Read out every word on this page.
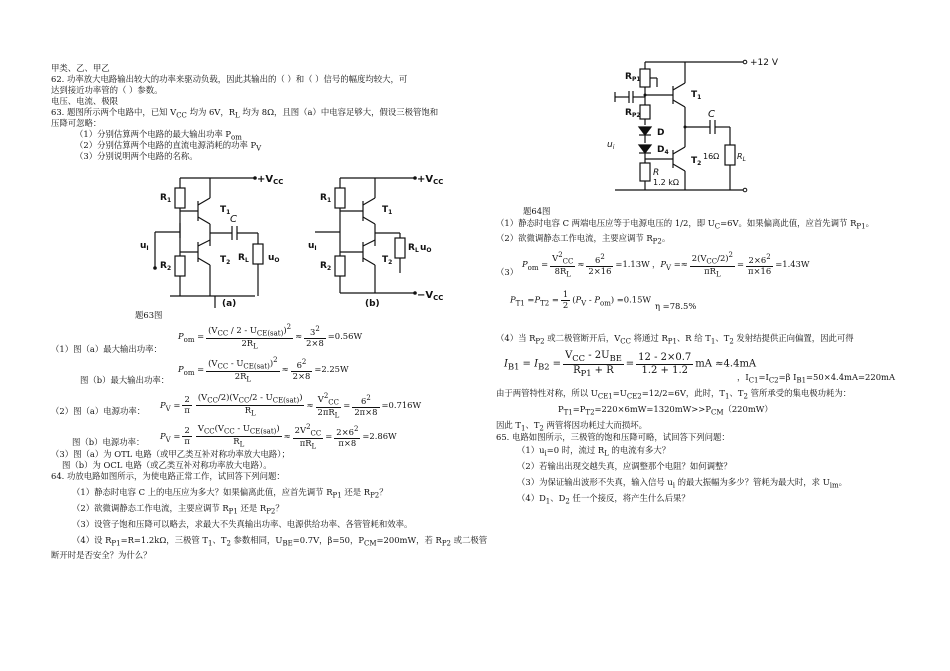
甲类、乙、甲乙
62. 功率放大电路输出较大的功率来驱动负载，因此其输出的（ ）和（ ）信号的幅度均较大，可
达到接近功率管的（ ）参数。
电压、电流、极限
63. 题图所示两个电路中，已知 $V_{CC}$ 均为 6V，$R_L$ 均为 8Ω，且图（a）中电容足够大，假设三极管饱和
压降可忽略：
（1）分别估算两个电路的最大输出功率 $P_{om}$
（2）分别估算两个电路的直流电源消耗的功率 $P_V$
（3）分别说明两个电路的名称。
$+V_{CC}$
$R_1$
$R_2$
$T_1$
$T_2$
C
$u_I$
$R_L$ $u_O$
(a)
$+V_{CC}$
$-V_{CC}$
$R_1$
$R_2$
$T_1$
$T_2$
$u_I$	$R_L$ $u_O$
(b)
题63图
$P_{om} = \frac{(V_{CC} / 2 - U_{CE(sat)})^2}{2R_L} \approx \frac{3^2}{2\times 8} =0.56W$
（1）图（a）最大输出功率：
$P_{om} = \frac{(V_{CC} - U_{CE(sat)})^2}{2R_L} \approx \frac{6^2}{2\times 8} =2.25W$
图（b）最大输出功率：
$P_V = \frac{2}{\pi} \frac{(V_{CC}/2)(V_{CC}/2 - U_{CE(sat)})}{R_L} \approx \frac{V^2_{CC}}{2\pi R_L} = \frac{6^2}{2\pi\times 8} =0.716W$
（2）图（a）电源功率：
$P_V = \frac{2}{\pi} \frac{V_{CC}(V_{CC} - U_{CE(sat)})}{R_L} \approx \frac{2V^2_{CC}}{\pi R_L} = \frac{2\times 6^2}{\pi\times 8} =2.86W$
图（b）电源功率：
（3）图（a）为 OTL 电路（或甲乙类互补对称功率放大电路）；
图（b）为 OCL 电路（或乙类互补对称功率放大电路）。
64. 功放电路如图所示，为使电路正常工作，试回答下列问题：
（1）静态时电容 C 上的电压应为多大？如果偏离此值，应首先调节 $R_{P1}$ 还是 $R_{P2}$？
（2）欲微调静态工作电流，主要应调节 $R_{P1}$ 还是 $R_{P2}$？
（3）设管子饱和压降可以略去，求最大不失真输出功率、电源供给功率、各管管耗和效率。
（4）设 $R_{P1}=R=1.2k\Omega$，三极管 $T_1$、$T_2$ 参数相同，$U_{BE}=0.7V$，β=50，$P_{CM}=200mW$，若 $R_{P2}$ 或二极管
断开时是否安全？为什么？
+12 V
$R_{P1}$
$R_{P2}$
$T_1$
$T_2$
D
$D_4$
C
R
1.2 kΩ
16Ω $R_L$
$u_i$
题64图
（1）静态时电容 C 两端电压应等于电源电压的 1/2，即 $U_C=6V$。如果偏离此值，应首先调节 $R_{P1}$。
（2）欲微调静态工作电流，主要应调节 $R_{P2}$。
（3）
$P_{om} = \frac{V^2_{CC}}{8R_L} \approx \frac{6^2}{2\times 16} =1.13W$ ，$P_V =\approx \frac{2(V_{CC}/2)^2}{\pi R_L} = \frac{2\times 6^2}{\pi\times 16} =1.43W$
$P_{T1} =P_{T2} = \frac{1}{2} (P_V - P_{om}) =0.15W$
η =78.5%
（4）当 $R_{P2}$ 或二极管断开后，$V_{CC}$ 将通过 $R_{P1}$、R 给 $T_1$、$T_2$ 发射结提供正向偏置，因此可得
$I_{B1} = I_{B2} = \frac{V_{CC} - 2U_{BE}}{R_{P1} + R} = \frac{12 - 2\times 0.7}{1.2 + 1.2}$ mA ≈4.4mA
，$I_{C1}=I_{C2}=\beta$ $I_{B1}=50\times 4.4mA=220mA$
由于两管特性对称，所以 $U_{CE1}=U_{CE2}=12/2=6V$，此时，$T_1$、$T_2$ 管所承受的集电极功耗为：
$P_{T1}=P_{T2}=220\times 6mW=1320mW>>P_{CM}(220mW)$
因此 $T_1$、$T_2$ 两管将因功耗过大而损坏。
65. 电路如图所示，三极管的饱和压降可略，试回答下列问题：
$(1)u_i=0$ 时，流过 $R_L$ 的电流有多大？
（2）若输出出现交越失真，应调整那个电阻？如何调整？
（3）为保证输出波形不失真，输入信号 $u_i$ 的最大振幅为多少？管耗为最大时，求 $U_{im}$。
$(4)D_1$、$D_2$ 任一个接反，将产生什么后果？
